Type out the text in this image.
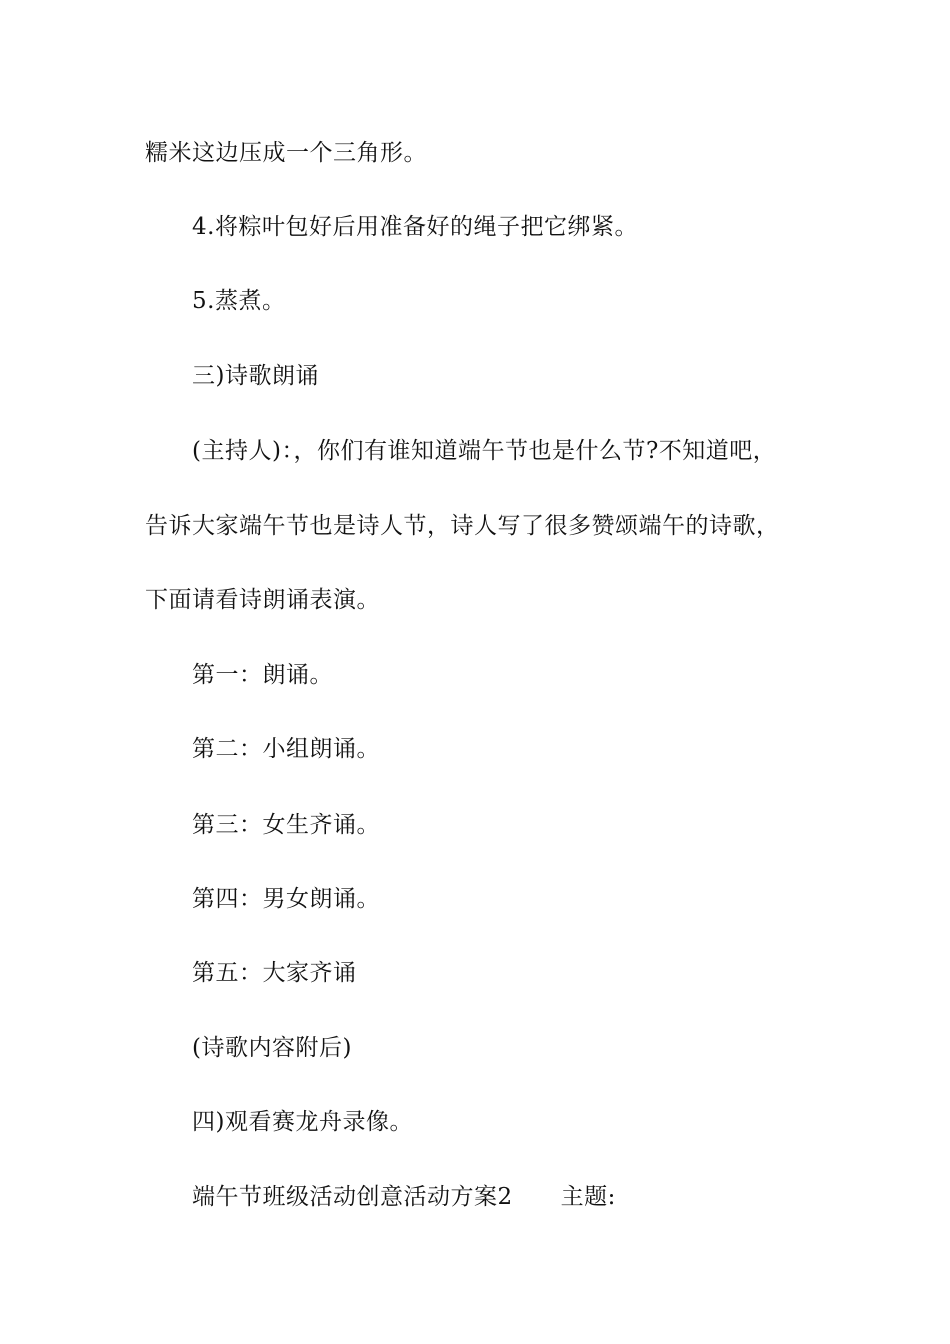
糯米这边压成一个三角形。
4.将粽叶包好后用准备好的绳子把它绑紧。
5.蒸煮。
三)诗歌朗诵
(主持人)：，你们有谁知道端午节也是什么节?不知道吧，
告诉大家端午节也是诗人节，诗人写了很多赞颂端午的诗歌，
下面请看诗朗诵表演。
第一：朗诵。
第二：小组朗诵。
第三：女生齐诵。
第四：男女朗诵。
第五：大家齐诵
(诗歌内容附后)
四)观看赛龙舟录像。
端午节班级活动创意活动方案2 主题:
